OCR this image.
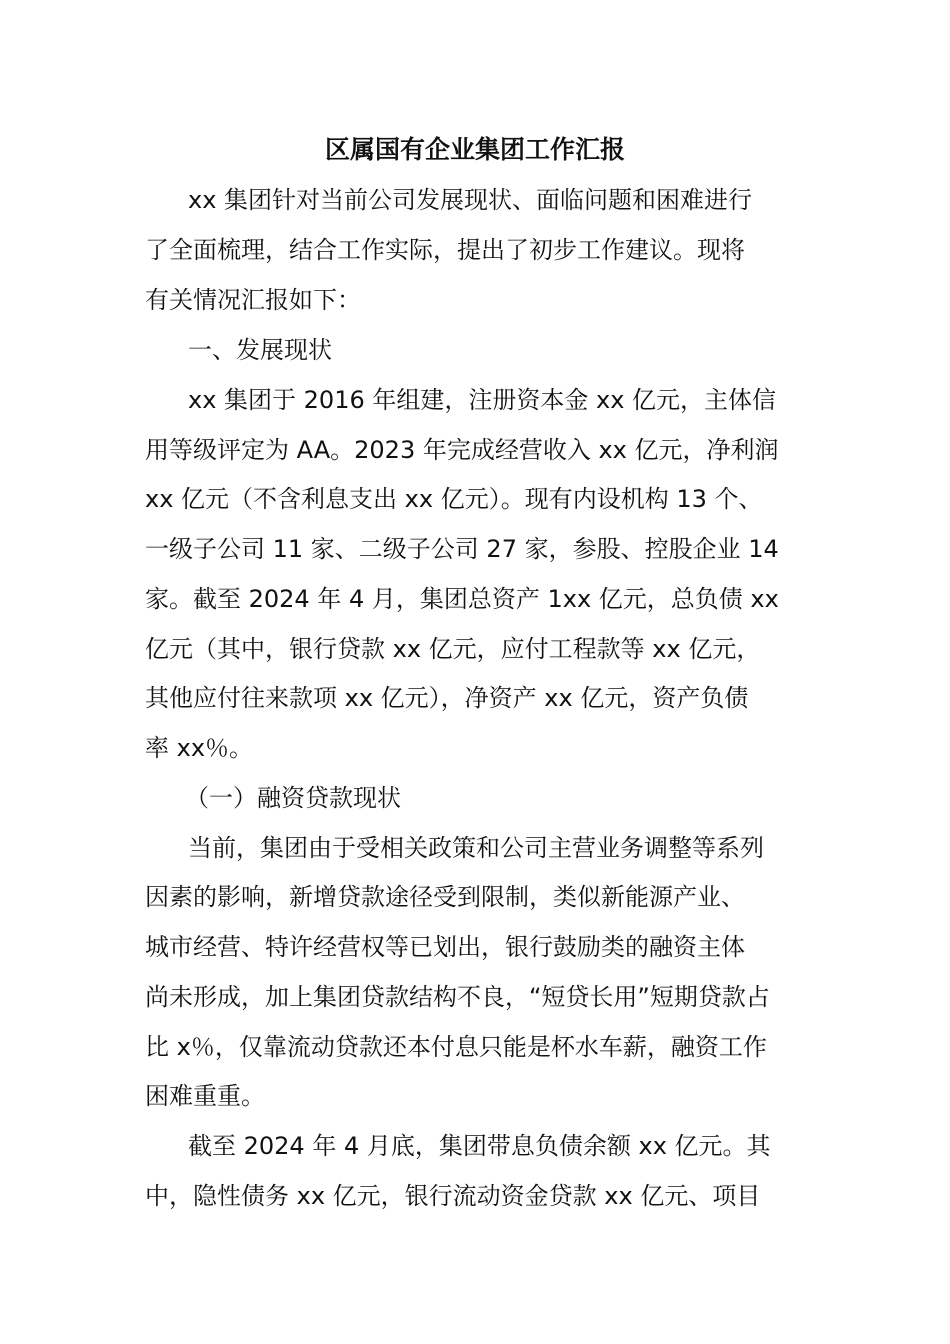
区属国有企业集团工作汇报

xx 集团针对当前公司发展现状、面临问题和困难进行

了全面梳理，结合工作实际，提出了初步工作建议。现将

有关情况汇报如下：

一、发展现状

xx 集团于 2016 年组建，注册资本金 xx 亿元，主体信

用等级评定为 AA。2023 年完成经营收入 xx 亿元，净利润

xx 亿元（不含利息支出 xx 亿元）。现有内设机构 13 个、

一级子公司 11 家、二级子公司 27 家，参股、控股企业 14

家。截至 2024 年 4 月，集团总资产 1xx 亿元，总负债 xx

亿元（其中，银行贷款 xx 亿元，应付工程款等 xx 亿元，

其他应付往来款项 xx 亿元），净资产 xx 亿元，资产负债

率 xx％。

（一）融资贷款现状

当前，集团由于受相关政策和公司主营业务调整等系列

因素的影响，新增贷款途径受到限制，类似新能源产业、

城市经营、特许经营权等已划出，银行鼓励类的融资主体

尚未形成，加上集团贷款结构不良，“短贷长用”短期贷款占

比 x％，仅靠流动贷款还本付息只能是杯水车薪，融资工作

困难重重。

截至 2024 年 4 月底，集团带息负债余额 xx 亿元。其

中，隐性债务 xx 亿元，银行流动资金贷款 xx 亿元、项目
